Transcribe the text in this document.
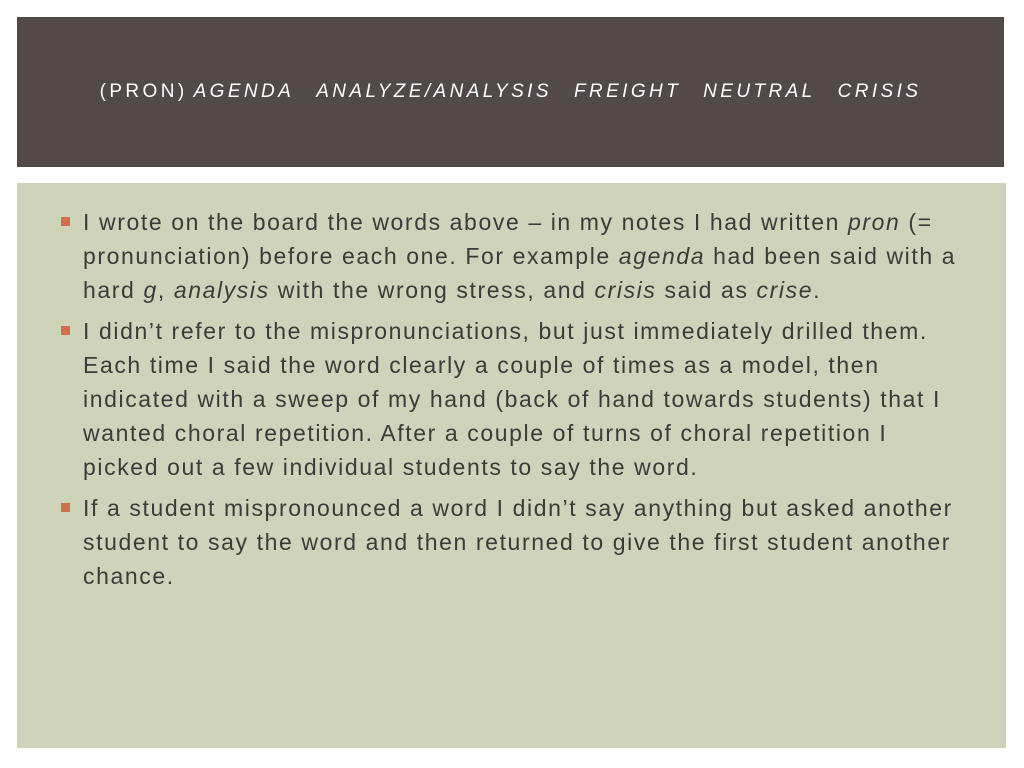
(PRON) AGENDA ANALYZE/ANALYSIS FREIGHT NEUTRAL CRISIS
I wrote on the board the words above – in my notes I had written pron (= pronunciation) before each one. For example agenda had been said with a hard g, analysis with the wrong stress, and crisis said as crise.
I didn’t refer to the mispronunciations, but just immediately drilled them. Each time I said the word clearly a couple of times as a model, then indicated with a sweep of my hand (back of hand towards students) that I wanted choral repetition. After a couple of turns of choral repetition I picked out a few individual students to say the word.
If a student mispronounced a word I didn’t say anything but asked another student to say the word and then returned to give the first student another chance.
